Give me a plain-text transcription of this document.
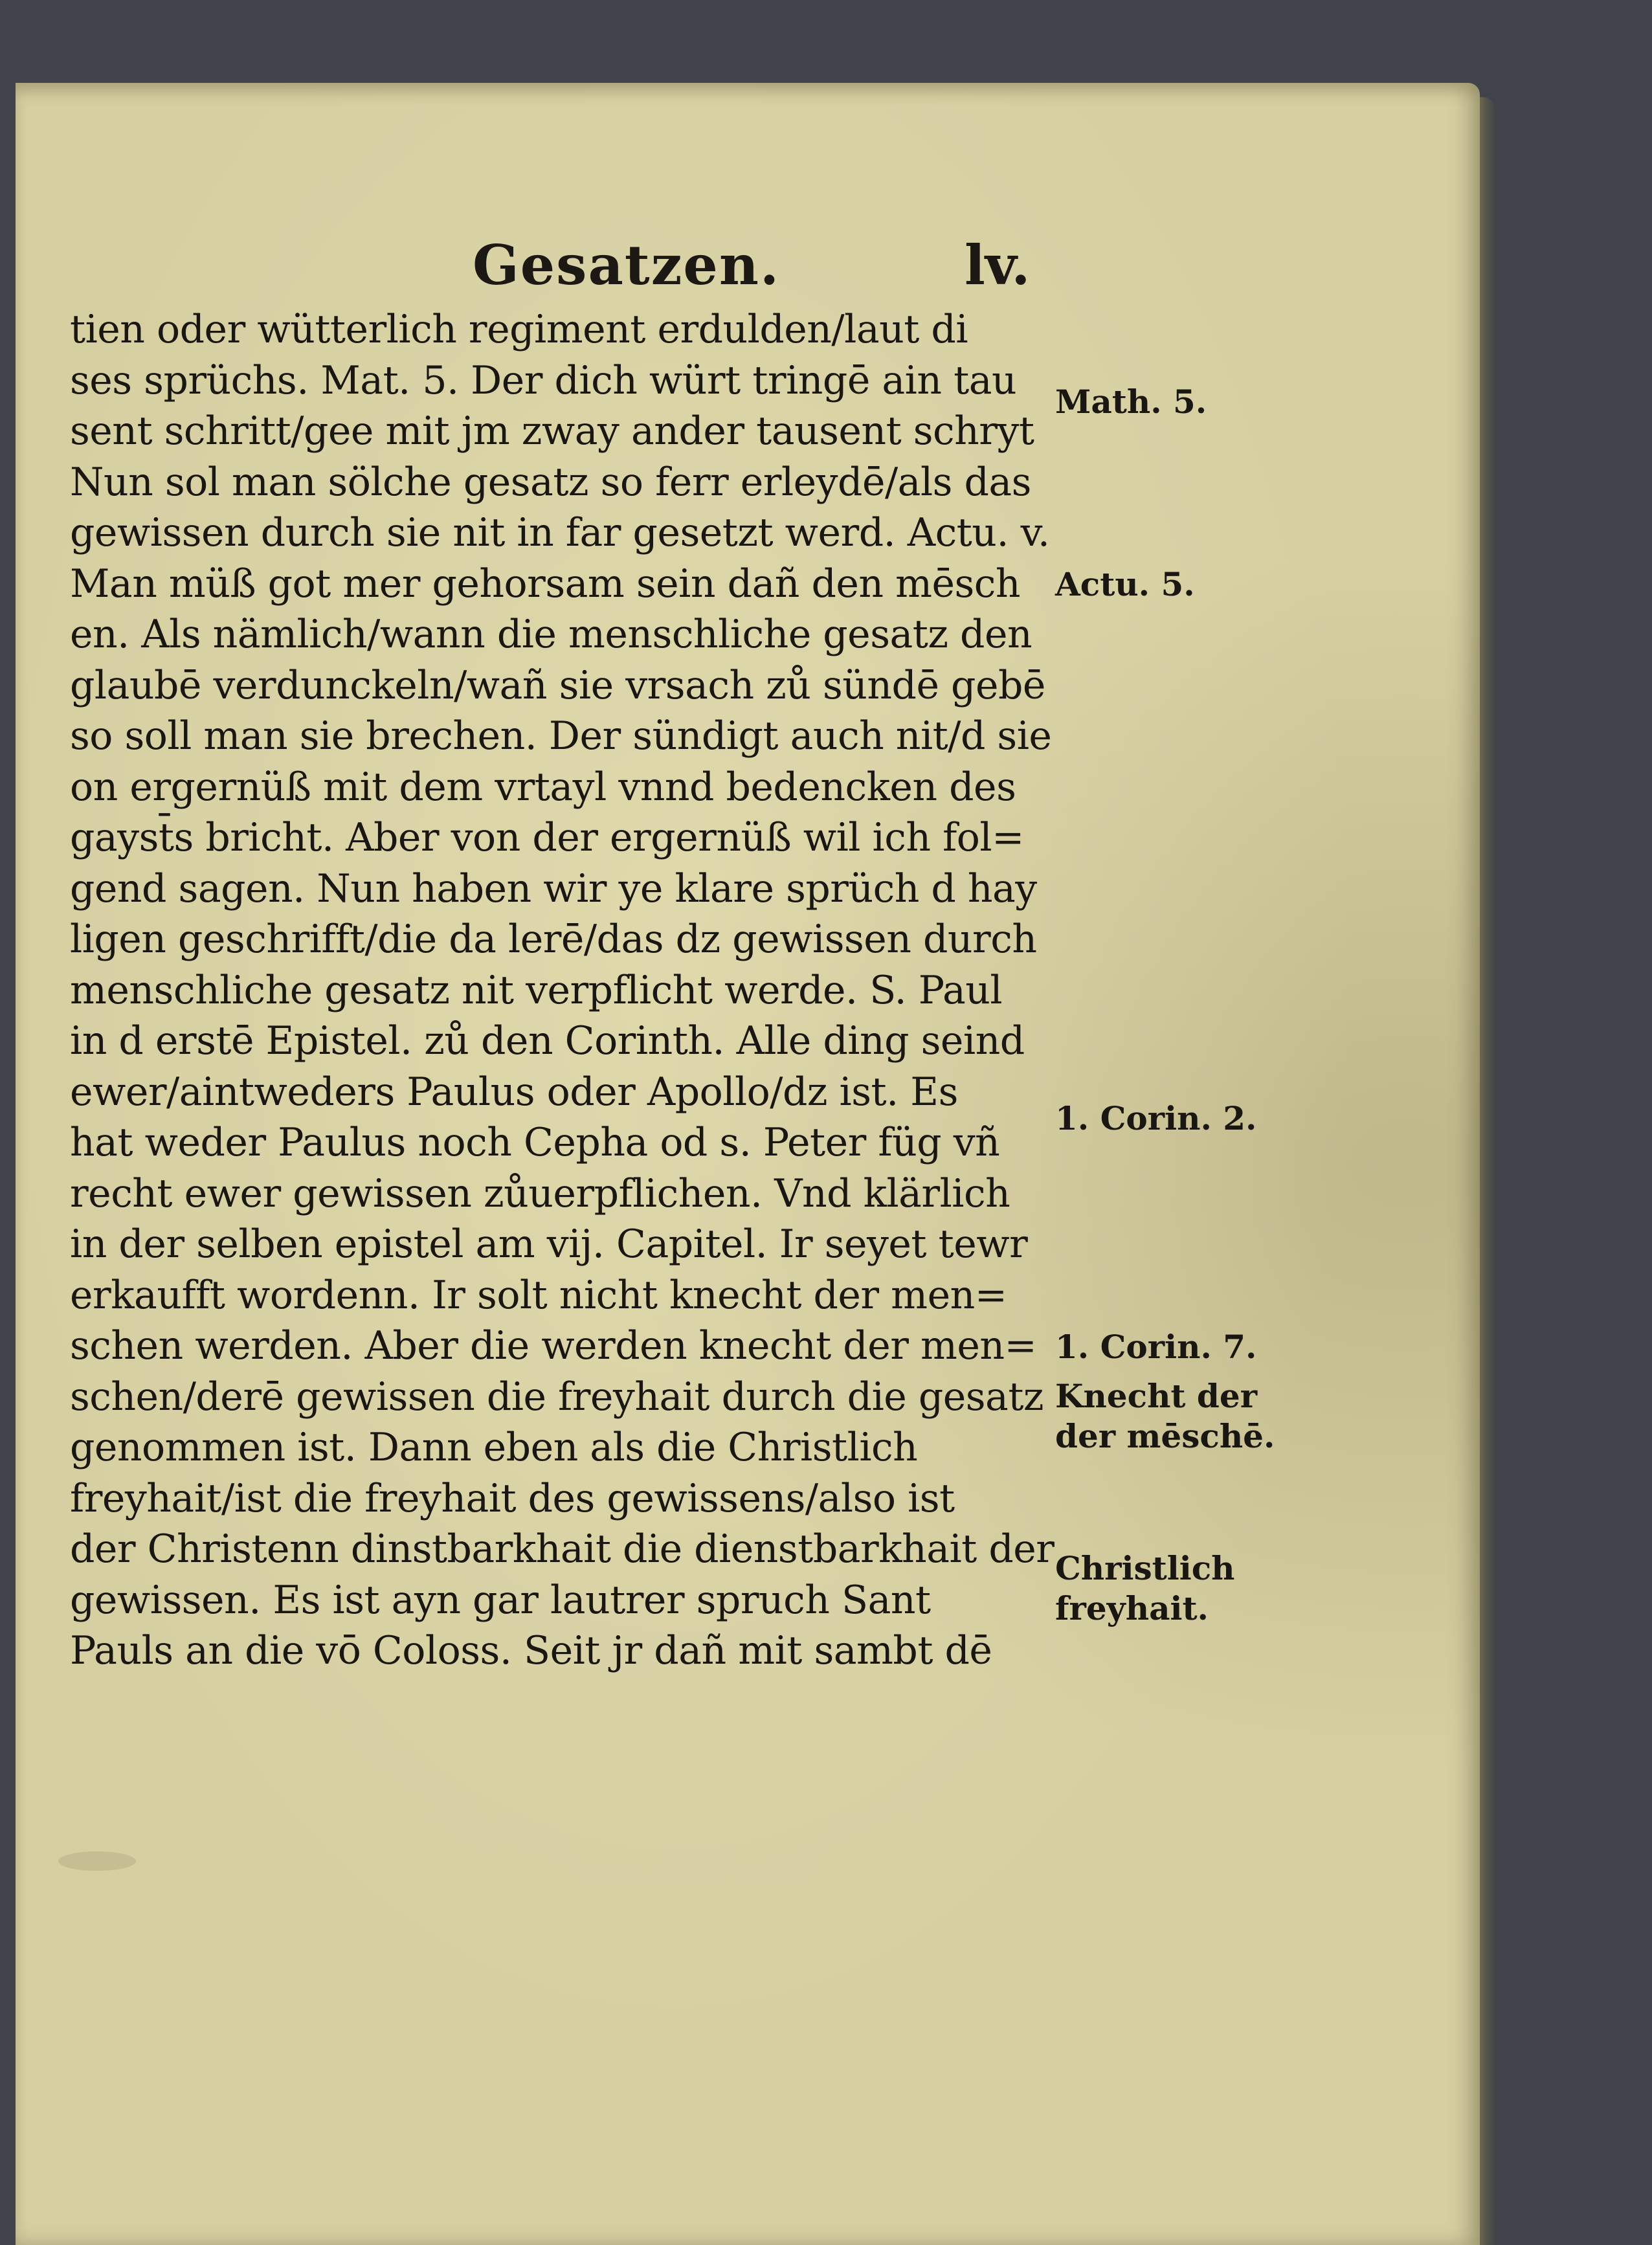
Gesatzen.	lv.
tien oder wütterlich regiment erdulden/laut di
ses sprüchs. Mat. 5. Der dich würt tringē ain tau
sent schritt/gee mit jm zway ander tausent schryt
Nun sol man sölche gesatz so ferr erleydē/als das
gewissen durch sie nit in far gesetzt werd. Actu. v.
Man müß got mer gehorsam sein dañ den mēsch
en. Als nämlich/wann die menschliche gesatz den
glaubē verdunckeln/wañ sie vrsach zů sündē gebē
so soll man sie brechen. Der sündigt auch nit/d sie
on ergernüß mit dem vrtayl vnnd bedencken des
gayst̄s bricht. Aber von der ergernüß wil ich fol=
gend sagen. Nun haben wir ye klare sprüch d hay
ligen geschrifft/die da lerē/das dz gewissen durch
menschliche gesatz nit verpflicht werde. S. Paul
in d erstē Epistel. zů den Corinth. Alle ding seind
ewer/aintweders Paulus oder Apollo/dz ist. Es
hat weder Paulus noch Cepha od s. Peter füg vñ
recht ewer gewissen zůuerpflichen. Vnd klärlich
in der selben epistel am vij. Capitel. Ir seyet tewr
erkaufft wordenn. Ir solt nicht knecht der men=
schen werden. Aber die werden knecht der men=
schen/derē gewissen die freyhait durch die gesatz
genommen ist. Dann eben als die Christlich
freyhait/ist die freyhait des gewissens/also ist
der Christenn dinstbarkhait die dienstbarkhait der
gewissen. Es ist ayn gar lautrer spruch Sant
Pauls an die vō Coloss. Seit jr dañ mit sambt dē
Math. 5.
Actu. 5.
1. Corin. 2.
1. Corin. 7.
Knecht der
der mēschē.
Christlich
freyhait.
